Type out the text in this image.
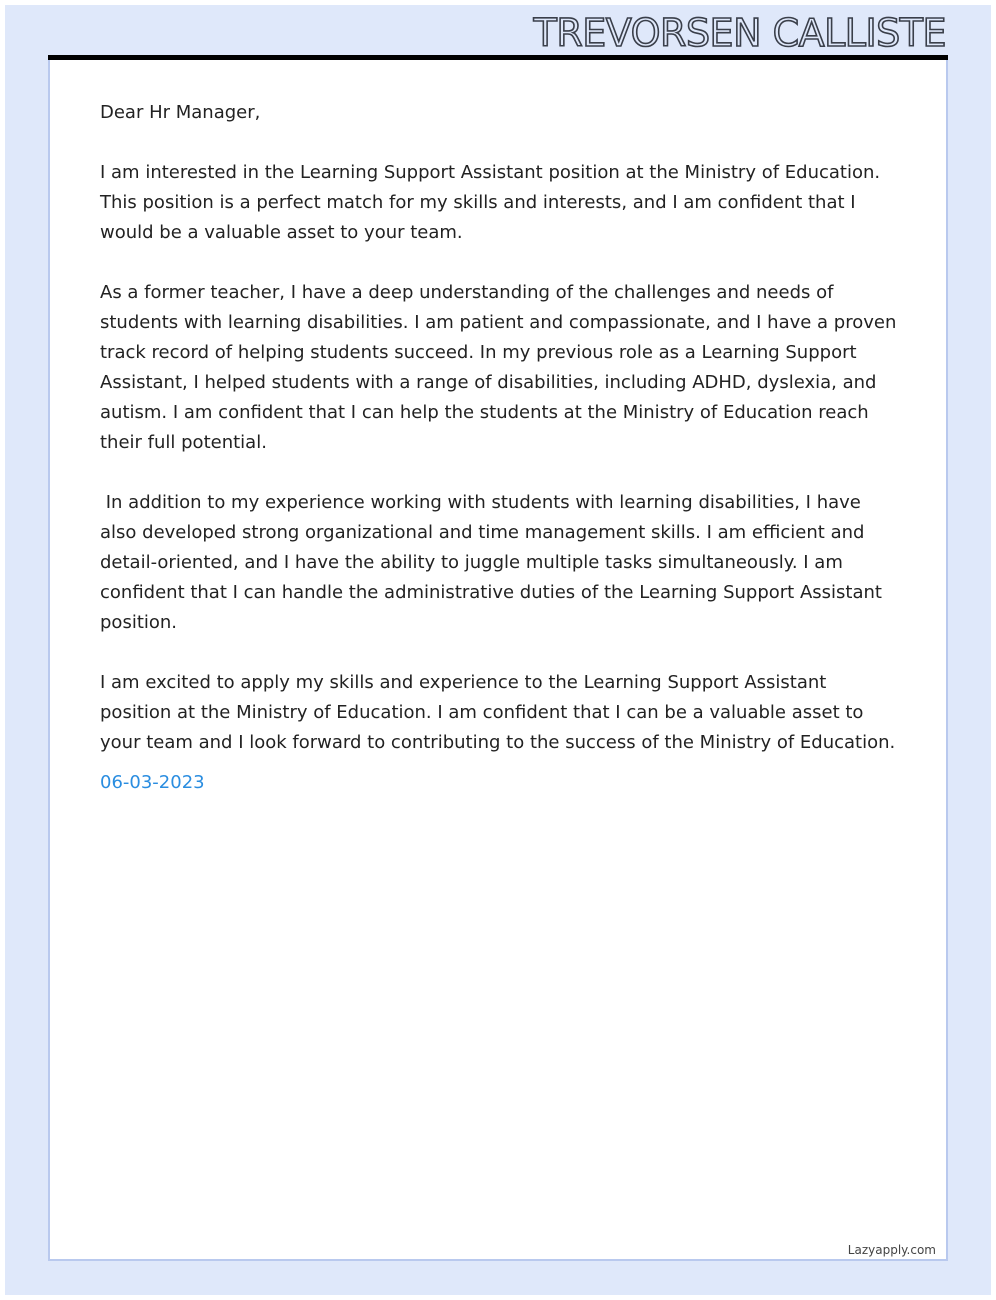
TREVORSEN CALLISTE

Dear Hr Manager,

I am interested in the Learning Support Assistant position at the Ministry of Education. This position is a perfect match for my skills and interests, and I am confident that I would be a valuable asset to your team.

As a former teacher, I have a deep understanding of the challenges and needs of students with learning disabilities. I am patient and compassionate, and I have a proven track record of helping students succeed. In my previous role as a Learning Support Assistant, I helped students with a range of disabilities, including ADHD, dyslexia, and autism. I am confident that I can help the students at the Ministry of Education reach their full potential.

In addition to my experience working with students with learning disabilities, I have also developed strong organizational and time management skills. I am efficient and detail-oriented, and I have the ability to juggle multiple tasks simultaneously. I am confident that I can handle the administrative duties of the Learning Support Assistant position.

I am excited to apply my skills and experience to the Learning Support Assistant position at the Ministry of Education. I am confident that I can be a valuable asset to your team and I look forward to contributing to the success of the Ministry of Education.

06-03-2023
Lazyapply.com
